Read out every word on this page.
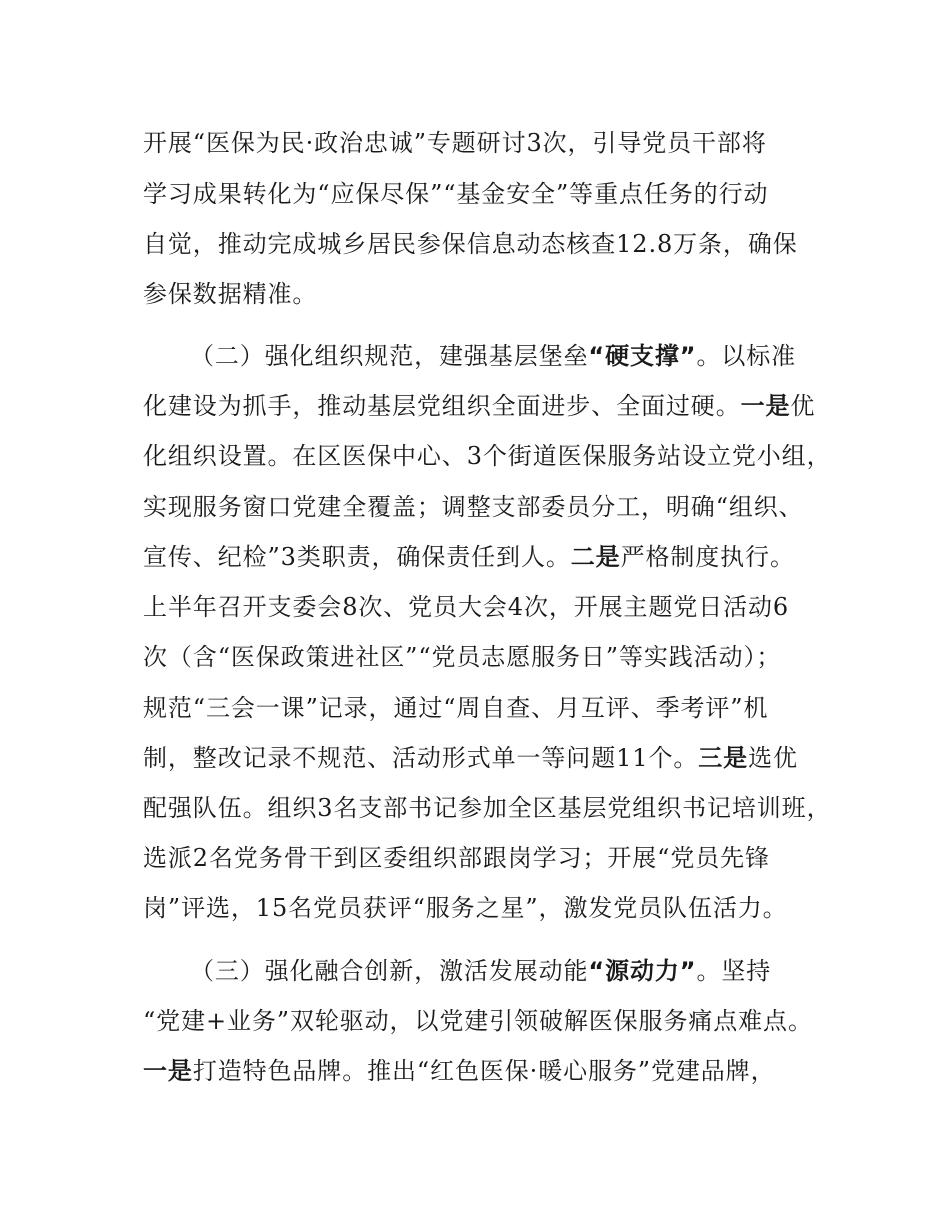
开展“医保为民·政治忠诚”专题研讨3次，引导党员干部将
学习成果转化为“应保尽保”“基金安全”等重点任务的行动
自觉，推动完成城乡居民参保信息动态核查12.8万条，确保
参保数据精准。
（二）强化组织规范，建强基层堡垒“硬支撑”。以标准
化建设为抓手，推动基层党组织全面进步、全面过硬。一是优
化组织设置。在区医保中心、3个街道医保服务站设立党小组，
实现服务窗口党建全覆盖；调整支部委员分工，明确“组织、
宣传、纪检”3类职责，确保责任到人。二是严格制度执行。
上半年召开支委会8次、党员大会4次，开展主题党日活动6
次（含“医保政策进社区”“党员志愿服务日”等实践活动）；
规范“三会一课”记录，通过“周自查、月互评、季考评”机
制，整改记录不规范、活动形式单一等问题11个。三是选优
配强队伍。组织3名支部书记参加全区基层党组织书记培训班，
选派2名党务骨干到区委组织部跟岗学习；开展“党员先锋
岗”评选，15名党员获评“服务之星”，激发党员队伍活力。
（三）强化融合创新，激活发展动能“源动力”。坚持
“党建+业务”双轮驱动，以党建引领破解医保服务痛点难点。
一是打造特色品牌。推出“红色医保·暖心服务”党建品牌，
